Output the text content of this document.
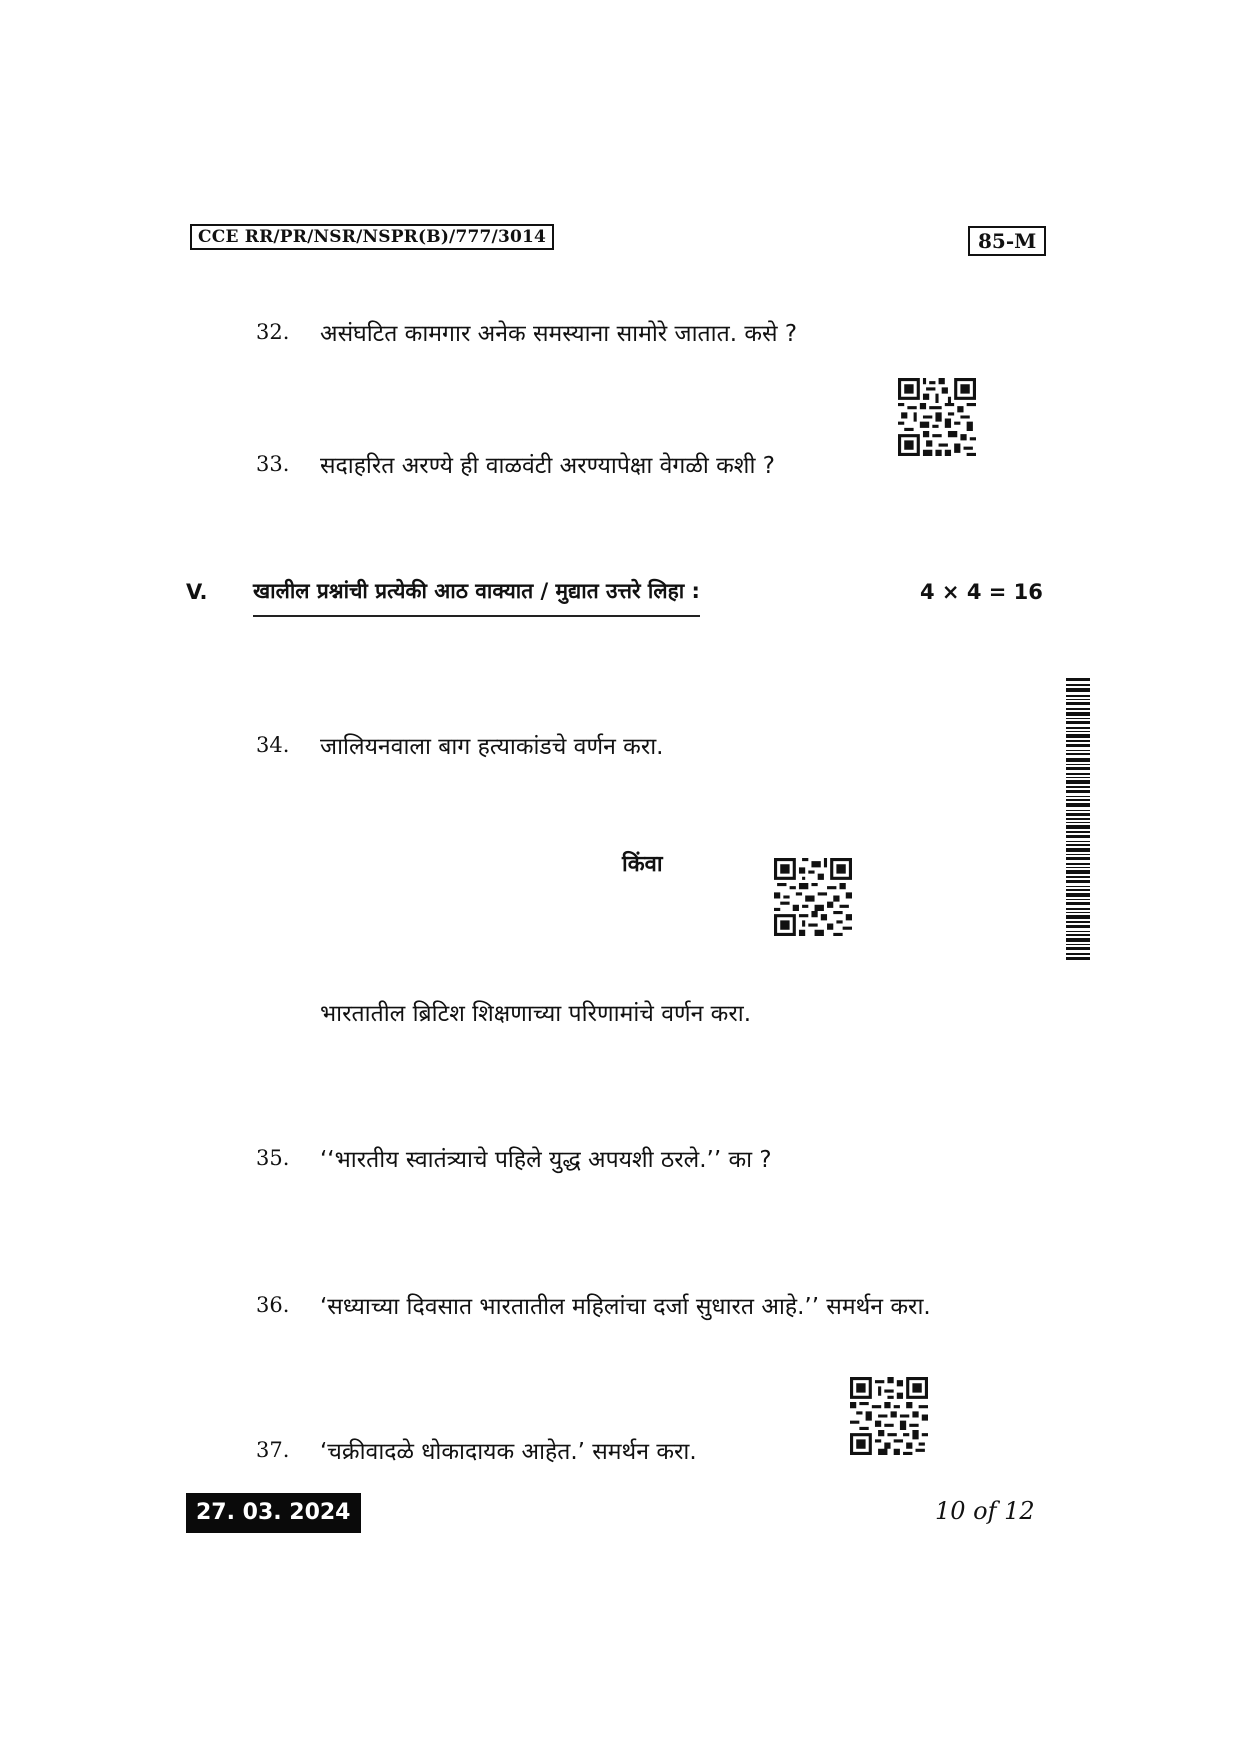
CCE RR/PR/NSR/NSPR(B)/777/3014	85-M
32.	असंघटित कामगार अनेक समस्याना सामोरे जातात. कसे ?
33.	सदाहरित अरण्ये ही वाळवंटी अरण्यापेक्षा वेगळी कशी ?
V. खालील प्रश्नांची प्रत्येकी आठ वाक्यात / मुद्यात उत्तरे लिहा :	4 × 4 = 16
34.	जालियनवाला बाग हत्याकांडचे वर्णन करा.
किंवा
भारतातील ब्रिटिश शिक्षणाच्या परिणामांचे वर्णन करा.
35.	‘‘भारतीय स्वातंत्र्याचे पहिले युद्ध अपयशी ठरले.’’ का ?
36.	‘सध्याच्या दिवसात भारतातील महिलांचा दर्जा सुधारत आहे.’’ समर्थन करा.
37.	‘चक्रीवादळे धोकादायक आहेत.’ समर्थन करा.
27. 03. 2024	10 of 12
